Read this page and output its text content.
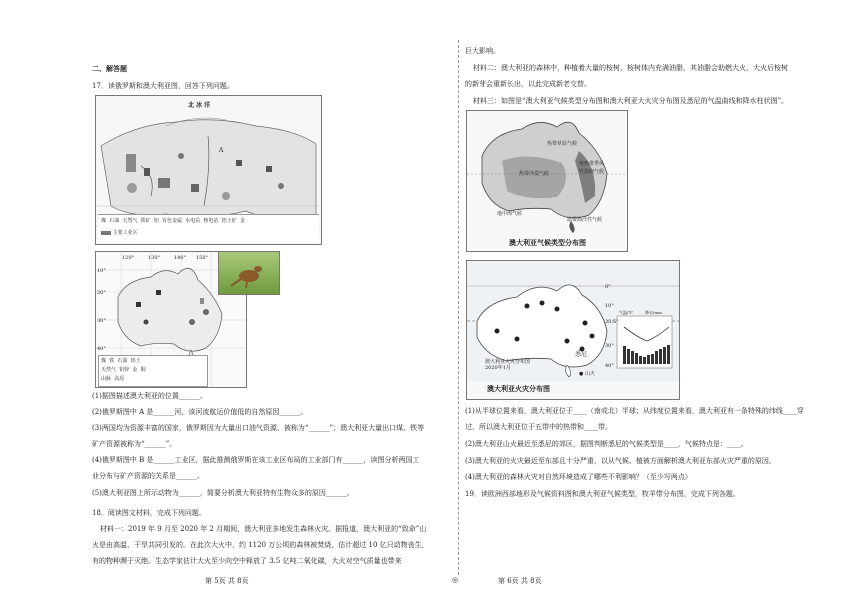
二、解答题
17．读俄罗斯和澳大利亚图，回答下列问题。
北 冰 洋
A
煤 石油 天然气 铁矿 铝 有色金属 水电站 核电站 铝土矿 金
主要工业区
120°	130°	140° 150°
10°
20°
30°
40°
煤 铁 石油 铝土
天然气 铅锌 金 铜
山脉 高原
(1)据图描述澳大利亚的位置______。
(2)俄罗斯图中 A 是______河，该河流航运价值低的自然原因______。
(3)两国均为资源丰富的国家，俄罗斯因为大量出口油气资源，被称为“______”；澳大利亚大量出口煤、铁等
矿产资源被称为“______”。
(4)俄罗斯图中 B 是______工业区，据此推测俄罗斯在该工业区布局的工业部门有______，读图分析两国工
业分布与矿产资源的关系是______。
(5)澳大利亚图上所示动物为______，简要分析澳大利亚特有生物众多的原因______。
18．阅读图文材料，完成下列问题。
材料一：2019 年 9 月至 2020 年 2 月期间，澳大利亚多地发生森林火灾。据报道，澳大利亚的“致命”山
火是由高温、干旱共同引发的。在此次大火中，约 1120 万公顷的森林被焚烧，估计超过 10 亿只动物丧生，
有的物种濒于灭绝。生态学家估计大火至少向空中释放了 3.5 亿吨二氧化碳，大火对空气质量也带来
第 5页 共 8页	◎
巨大影响。
材料二：澳大利亚的森林中，种植着大量的桉树，桉树体内充满油脂，其油脂会助燃大火，大火后桉树
的新芽会重新长出，以此完成新老交替。
材料三：如图是“澳大利亚气候类型分布图和澳大利亚大火灾分布图及悉尼的气温曲线和降水柱状图”。
热带草原气候
热带沙漠气候
亚热带季风
性湿润气候
地中海气候
温带海洋性气候
澳大利亚气候类型分布图
0°
10°
23.5°
30°
40°
气温/℃	降水/mm
悉尼
澳大利亚火灾分布图
2020年1月
● 山火
澳大利亚火灾分布图
(1)从半球位置来看，澳大利亚位于____（南或北）半球；从纬度位置来看，澳大利亚有一条特殊的纬线____穿
过，所以澳大利亚位于五带中的热带和____带。
(2)澳大利亚山火最近至悉尼的郊区，据图判断悉尼的气候类型是____，气候特点是：____。
(3)澳大利亚的火灾最近至东部且十分严重，以从气候、植被方面解析澳大利亚东部火灾严重的原因。
(4)澳大利亚的森林火灾对自然环境造成了哪些不利影响？（至少写两点）
19．读欧洲西部地形及气候资料图和澳大利亚气候类型，牧羊带分布图，完成下列各题。
第 6页 共 8页
